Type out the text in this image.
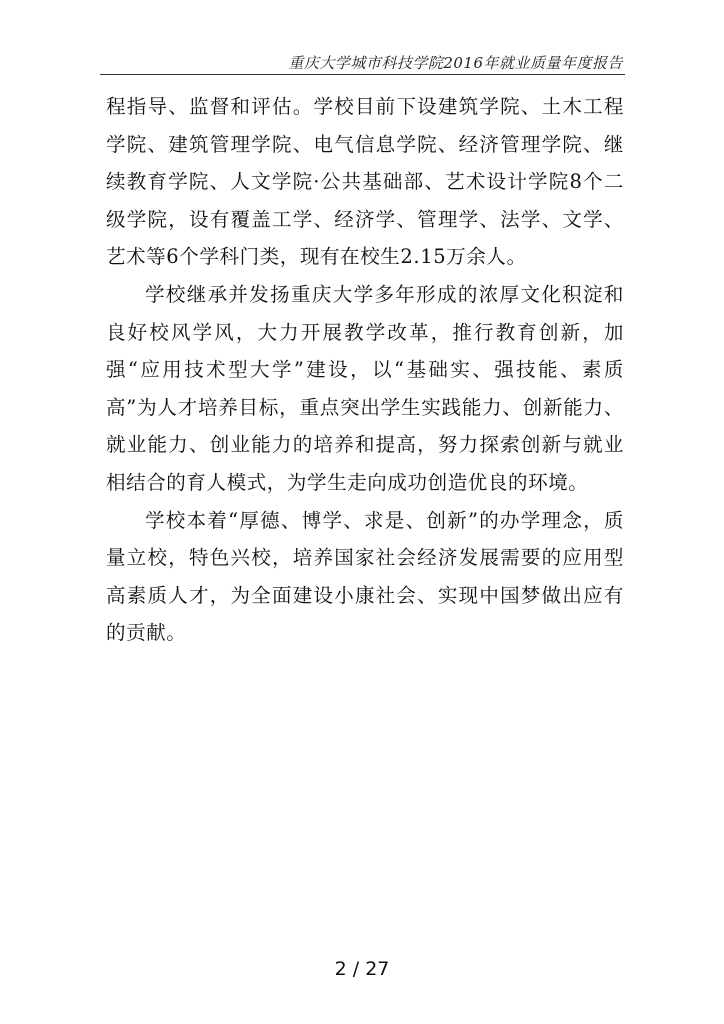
重庆大学城市科技学院2016年就业质量年度报告

程指导、监督和评估。学校目前下设建筑学院、土木工程学院、建筑管理学院、电气信息学院、经济管理学院、继续教育学院、人文学院·公共基础部、艺术设计学院8个二级学院，设有覆盖工学、经济学、管理学、法学、文学、艺术等6个学科门类，现有在校生2.15万余人。

学校继承并发扬重庆大学多年形成的浓厚文化积淀和良好校风学风，大力开展教学改革，推行教育创新，加强“应用技术型大学”建设，以“基础实、强技能、素质高”为人才培养目标，重点突出学生实践能力、创新能力、就业能力、创业能力的培养和提高，努力探索创新与就业相结合的育人模式，为学生走向成功创造优良的环境。

学校本着“厚德、博学、求是、创新”的办学理念，质量立校，特色兴校，培养国家社会经济发展需要的应用型高素质人才，为全面建设小康社会、实现中国梦做出应有的贡献。

2 / 27
